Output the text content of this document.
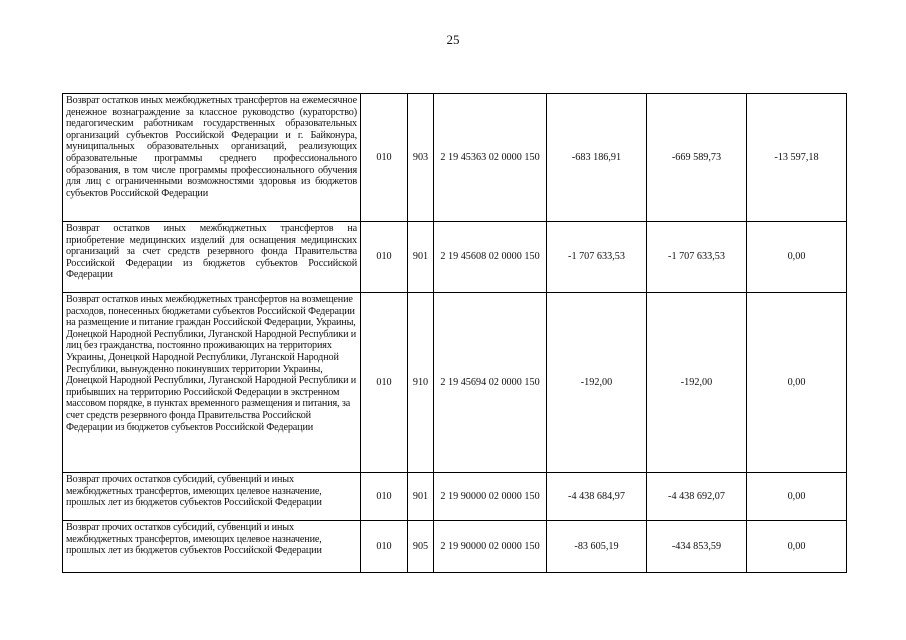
25
Возврат остатков иных межбюджетных трансфертов на ежемесячное денежное вознаграждение за классное руководство (кураторство) педагогическим работникам государственных образовательных организаций субъектов Российской Федерации и г. Байконура, муниципальных образовательных организаций, реализующих образовательные программы среднего профессионального образования, в том числе программы профессионального обучения для лиц с ограниченными возможностями здоровья из бюджетов субъектов Российской Федерации	010	903	2 19 45363 02 0000 150	-683 186,91	-669 589,73	-13 597,18
Возврат остатков иных межбюджетных трансфертов на приобретение медицинских изделий для оснащения медицинских организаций за счет средств резервного фонда Правительства Российской Федерации из бюджетов субъектов Российской Федерации	010	901	2 19 45608 02 0000 150	-1 707 633,53	-1 707 633,53	0,00
Возврат остатков иных межбюджетных трансфертов на возмещение расходов, понесенных бюджетами субъектов Российской Федерации на размещение и питание граждан Российской Федерации, Украины, Донецкой Народной Республики, Луганской Народной Республики и лиц без гражданства, постоянно проживающих на территориях Украины, Донецкой Народной Республики, Луганской Народной Республики, вынужденно покинувших территории Украины, Донецкой Народной Республики, Луганской Народной Республики и прибывших на территорию Российской Федерации в экстренном массовом порядке, в пунктах временного размещения и питания, за счет средств резервного фонда Правительства Российской Федерации из бюджетов субъектов Российской Федерации	010	910	2 19 45694 02 0000 150	-192,00	-192,00	0,00
Возврат прочих остатков субсидий, субвенций и иных межбюджетных трансфертов, имеющих целевое назначение, прошлых лет из бюджетов субъектов Российской Федерации	010	901	2 19 90000 02 0000 150	-4 438 684,97	-4 438 692,07	0,00
Возврат прочих остатков субсидий, субвенций и иных межбюджетных трансфертов, имеющих целевое назначение, прошлых лет из бюджетов субъектов Российской Федерации	010	905	2 19 90000 02 0000 150	-83 605,19	-434 853,59	0,00
